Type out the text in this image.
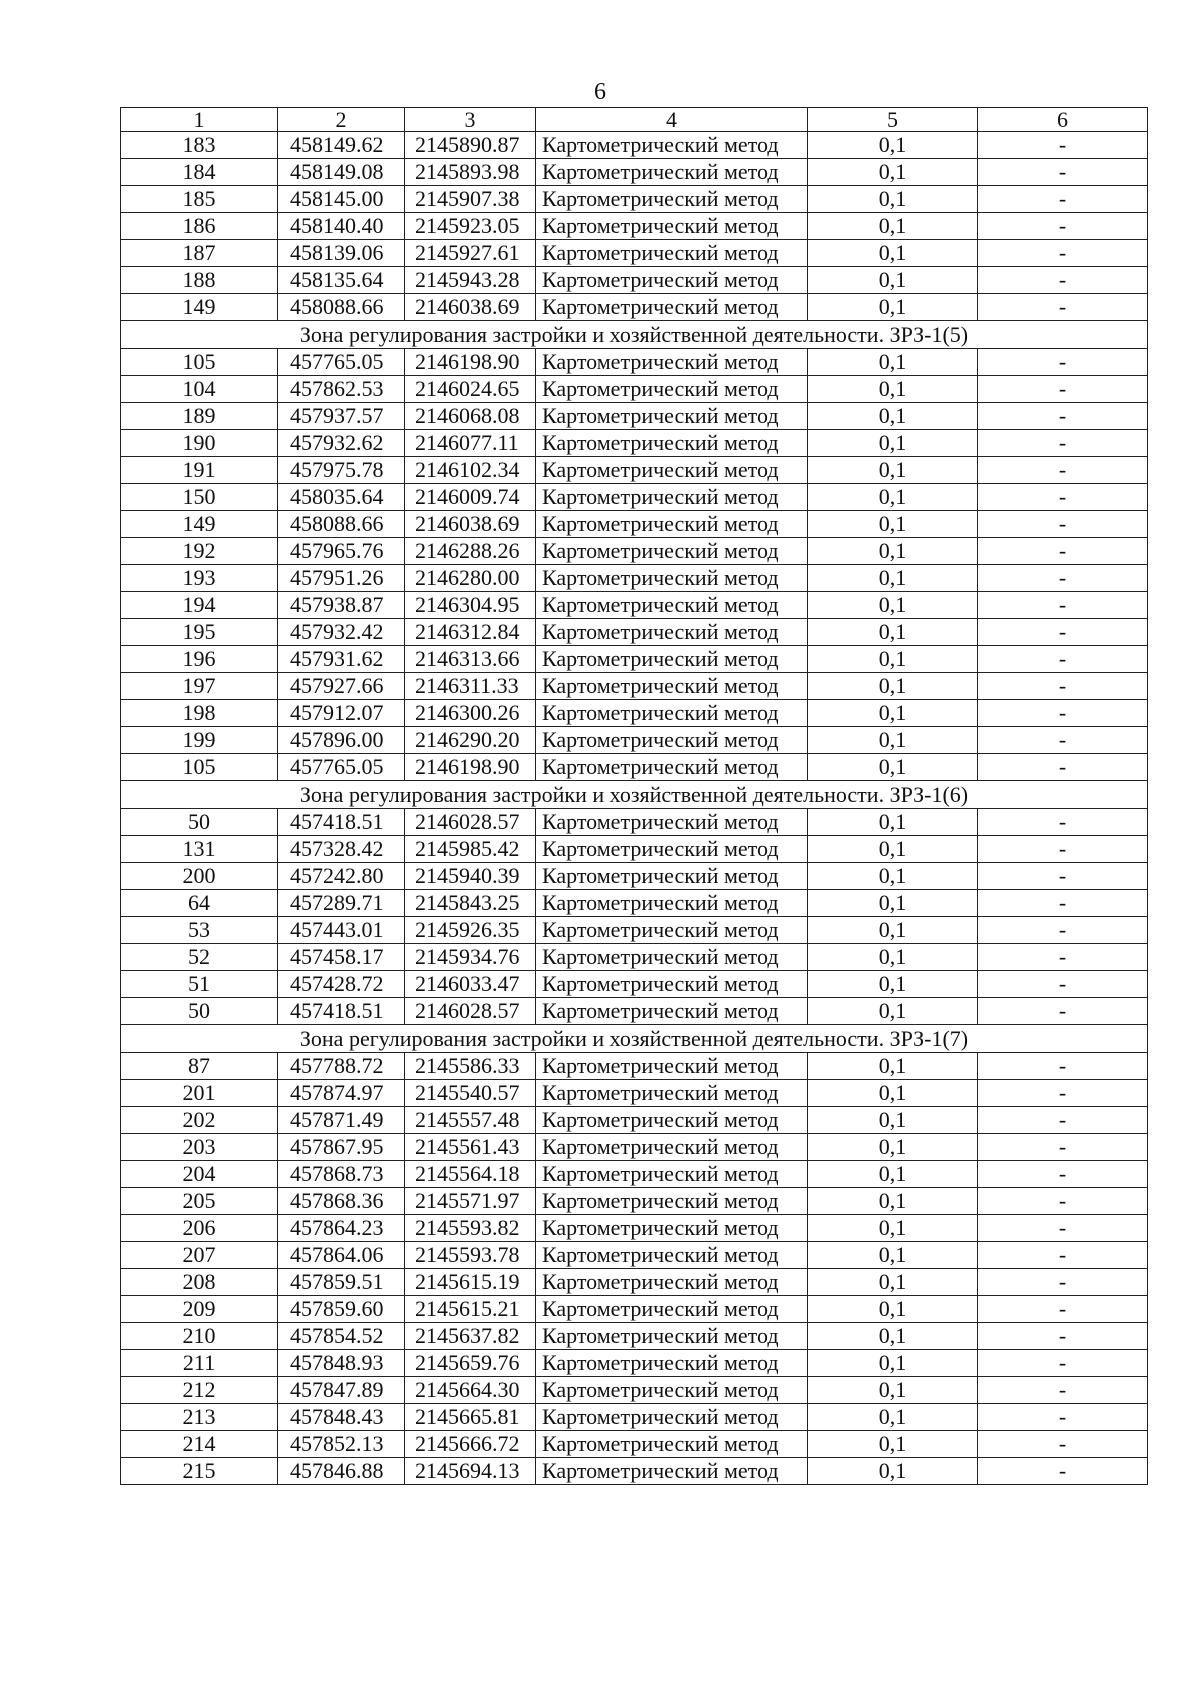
6
1	2	3	4	5	6
183	458149.62	2145890.87	Картометрический метод	0,1	-
184	458149.08	2145893.98	Картометрический метод	0,1	-
185	458145.00	2145907.38	Картометрический метод	0,1	-
186	458140.40	2145923.05	Картометрический метод	0,1	-
187	458139.06	2145927.61	Картометрический метод	0,1	-
188	458135.64	2145943.28	Картометрический метод	0,1	-
149	458088.66	2146038.69	Картометрический метод	0,1	-
Зона регулирования застройки и хозяйственной деятельности. ЗРЗ-1(5)					
105	457765.05	2146198.90	Картометрический метод	0,1	-
104	457862.53	2146024.65	Картометрический метод	0,1	-
189	457937.57	2146068.08	Картометрический метод	0,1	-
190	457932.62	2146077.11	Картометрический метод	0,1	-
191	457975.78	2146102.34	Картометрический метод	0,1	-
150	458035.64	2146009.74	Картометрический метод	0,1	-
149	458088.66	2146038.69	Картометрический метод	0,1	-
192	457965.76	2146288.26	Картометрический метод	0,1	-
193	457951.26	2146280.00	Картометрический метод	0,1	-
194	457938.87	2146304.95	Картометрический метод	0,1	-
195	457932.42	2146312.84	Картометрический метод	0,1	-
196	457931.62	2146313.66	Картометрический метод	0,1	-
197	457927.66	2146311.33	Картометрический метод	0,1	-
198	457912.07	2146300.26	Картометрический метод	0,1	-
199	457896.00	2146290.20	Картометрический метод	0,1	-
105	457765.05	2146198.90	Картометрический метод	0,1	-
Зона регулирования застройки и хозяйственной деятельности. ЗРЗ-1(6)					
50	457418.51	2146028.57	Картометрический метод	0,1	-
131	457328.42	2145985.42	Картометрический метод	0,1	-
200	457242.80	2145940.39	Картометрический метод	0,1	-
64	457289.71	2145843.25	Картометрический метод	0,1	-
53	457443.01	2145926.35	Картометрический метод	0,1	-
52	457458.17	2145934.76	Картометрический метод	0,1	-
51	457428.72	2146033.47	Картометрический метод	0,1	-
50	457418.51	2146028.57	Картометрический метод	0,1	-
Зона регулирования застройки и хозяйственной деятельности. ЗРЗ-1(7)					
87	457788.72	2145586.33	Картометрический метод	0,1	-
201	457874.97	2145540.57	Картометрический метод	0,1	-
202	457871.49	2145557.48	Картометрический метод	0,1	-
203	457867.95	2145561.43	Картометрический метод	0,1	-
204	457868.73	2145564.18	Картометрический метод	0,1	-
205	457868.36	2145571.97	Картометрический метод	0,1	-
206	457864.23	2145593.82	Картометрический метод	0,1	-
207	457864.06	2145593.78	Картометрический метод	0,1	-
208	457859.51	2145615.19	Картометрический метод	0,1	-
209	457859.60	2145615.21	Картометрический метод	0,1	-
210	457854.52	2145637.82	Картометрический метод	0,1	-
211	457848.93	2145659.76	Картометрический метод	0,1	-
212	457847.89	2145664.30	Картометрический метод	0,1	-
213	457848.43	2145665.81	Картометрический метод	0,1	-
214	457852.13	2145666.72	Картометрический метод	0,1	-
215	457846.88	2145694.13	Картометрический метод	0,1	-
